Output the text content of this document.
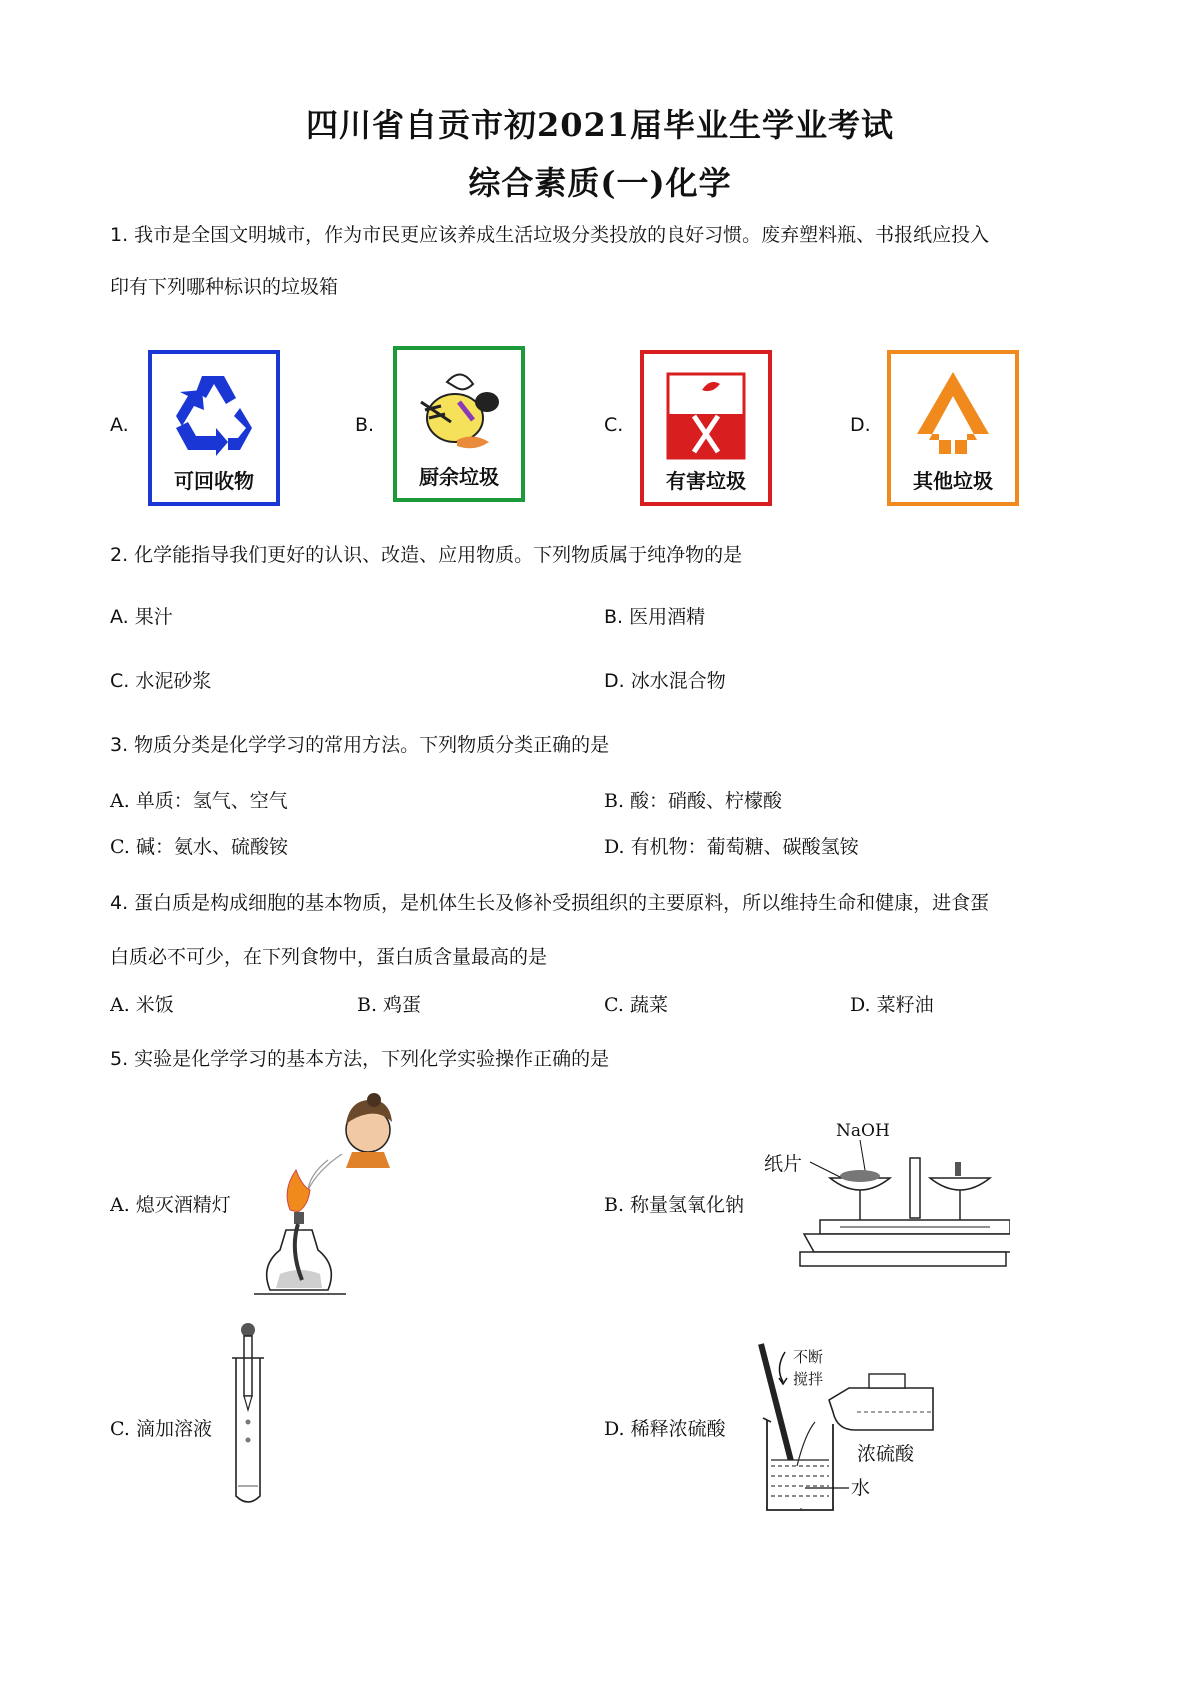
四川省自贡市初2021届毕业生学业考试
综合素质(一)化学
1. 我市是全国文明城市，作为市民更应该养成生活垃圾分类投放的良好习惯。废弃塑料瓶、书报纸应投入
印有下列哪种标识的垃圾箱
A.
可回收物
B.
厨余垃圾
C.
有害垃圾
D.
其他垃圾
2. 化学能指导我们更好的认识、改造、应用物质。下列物质属于纯净物的是
A. 果汁	B. 医用酒精
C. 水泥砂浆	D. 冰水混合物
3. 物质分类是化学学习的常用方法。下列物质分类正确的是
A. 单质：氢气、空气	B. 酸：硝酸、柠檬酸
C. 碱：氨水、硫酸铵	D. 有机物：葡萄糖、碳酸氢铵
4. 蛋白质是构成细胞的基本物质，是机体生长及修补受损组织的主要原料，所以维持生命和健康，进食蛋
白质必不可少，在下列食物中，蛋白质含量最高的是
A. 米饭	B. 鸡蛋	C. 蔬菜	D. 菜籽油
5. 实验是化学学习的基本方法，下列化学实验操作正确的是
A. 熄灭酒精灯	B. 称量氢氧化钠
NaOH
纸片
C. 滴加溶液	D. 稀释浓硫酸
不断
搅拌
浓硫酸
水
